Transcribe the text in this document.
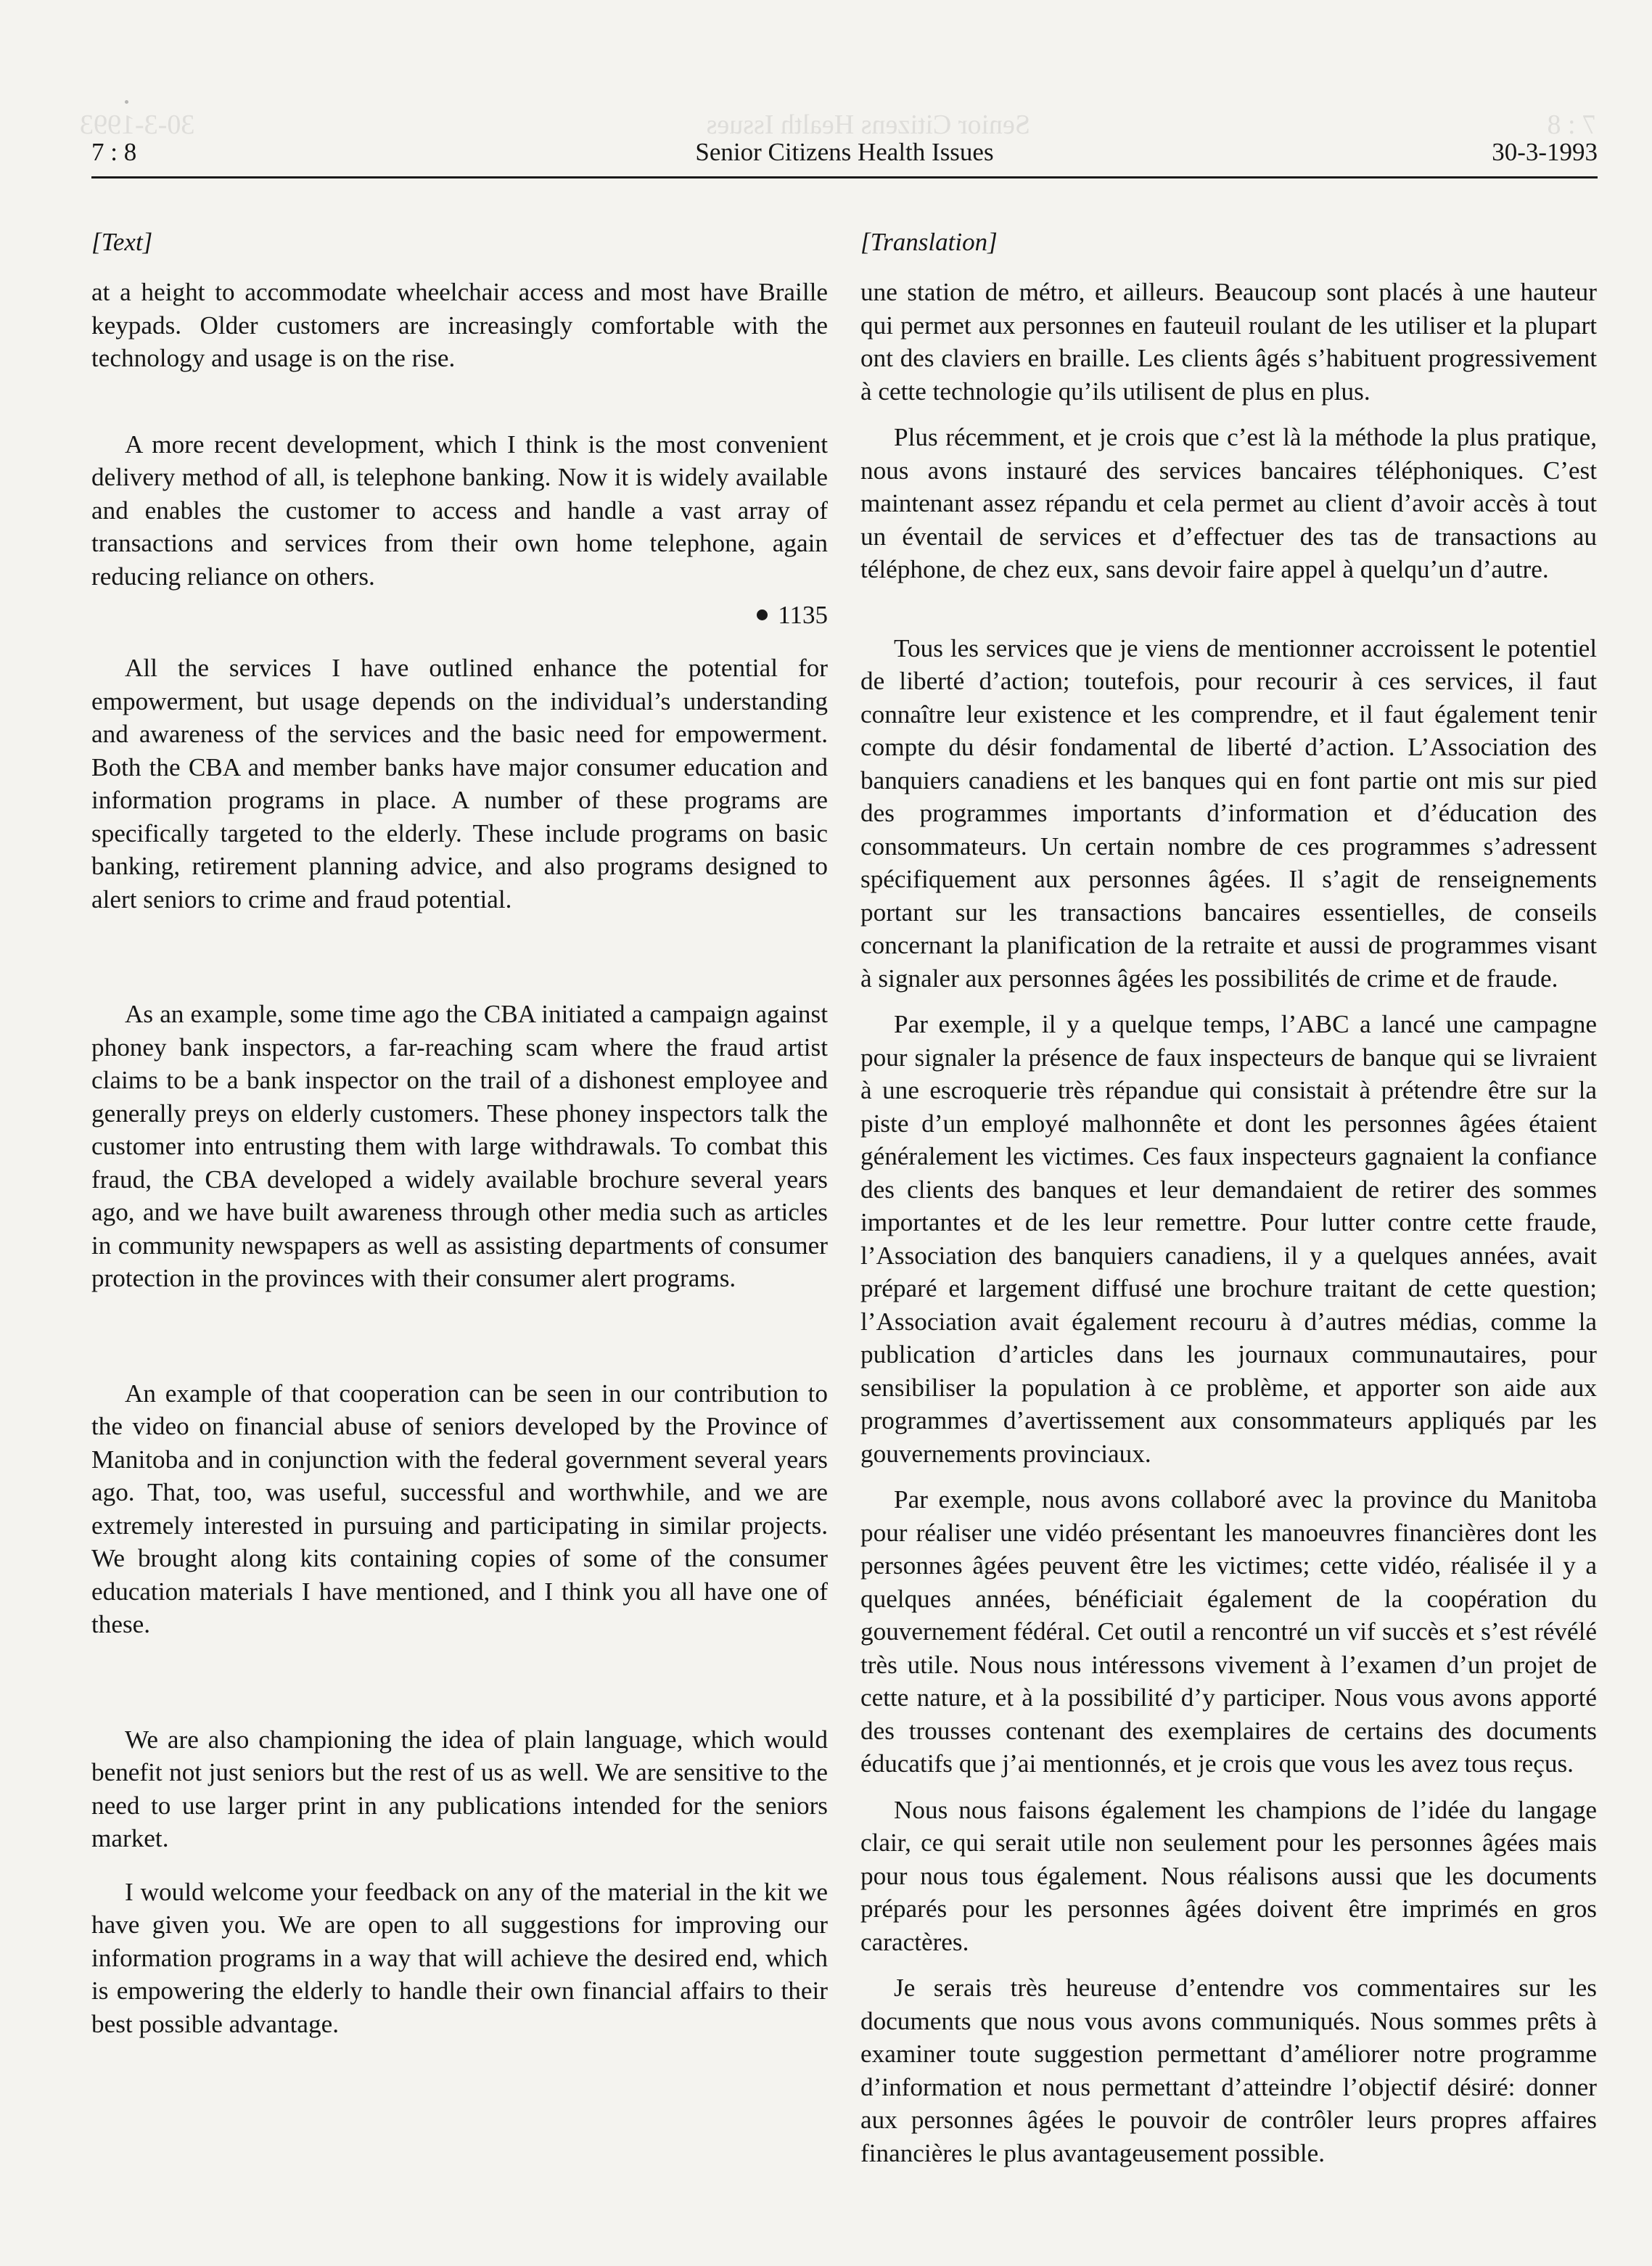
7 : 8
Senior Citizens Health Issues
30-3-1993
7 : 8	Senior Citizens Health Issues	30-3-1993

[Text]

at a height to accommodate wheelchair access and most have Braille keypads. Older customers are increasingly comfortable with the technology and usage is on the rise.

A more recent development, which I think is the most convenient delivery method of all, is telephone banking. Now it is widely available and enables the customer to access and handle a vast array of transactions and services from their own home telephone, again reducing reliance on others.

1135

All the services I have outlined enhance the potential for empowerment, but usage depends on the individual’s understanding and awareness of the services and the basic need for empowerment. Both the CBA and member banks have major consumer education and information programs in place. A number of these programs are specifically targeted to the elderly. These include programs on basic banking, retirement planning advice, and also programs designed to alert seniors to crime and fraud potential.

As an example, some time ago the CBA initiated a campaign against phoney bank inspectors, a far-reaching scam where the fraud artist claims to be a bank inspector on the trail of a dishonest employee and generally preys on elderly customers. These phoney inspectors talk the customer into entrusting them with large withdrawals. To combat this fraud, the CBA developed a widely available brochure several years ago, and we have built awareness through other media such as articles in community newspapers as well as assisting departments of consumer protection in the provinces with their consumer alert programs.

An example of that cooperation can be seen in our contribution to the video on financial abuse of seniors developed by the Province of Manitoba and in conjunction with the federal government several years ago. That, too, was useful, successful and worthwhile, and we are extremely interested in pursuing and participating in similar projects. We brought along kits containing copies of some of the consumer education materials I have mentioned, and I think you all have one of these.

We are also championing the idea of plain language, which would benefit not just seniors but the rest of us as well. We are sensitive to the need to use larger print in any publications intended for the seniors market.

I would welcome your feedback on any of the material in the kit we have given you. We are open to all suggestions for improving our information programs in a way that will achieve the desired end, which is empowering the elderly to handle their own financial affairs to their best possible advantage.

[Translation]

une station de métro, et ailleurs. Beaucoup sont placés à une hauteur qui permet aux personnes en fauteuil roulant de les utiliser et la plupart ont des claviers en braille. Les clients âgés s’habituent progressivement à cette technologie qu’ils utilisent de plus en plus.

Plus récemment, et je crois que c’est là la méthode la plus pratique, nous avons instauré des services bancaires téléphoniques. C’est maintenant assez répandu et cela permet au client d’avoir accès à tout un éventail de services et d’effectuer des tas de transactions au téléphone, de chez eux, sans devoir faire appel à quelqu’un d’autre.

Tous les services que je viens de mentionner accroissent le potentiel de liberté d’action; toutefois, pour recourir à ces services, il faut connaître leur existence et les comprendre, et il faut également tenir compte du désir fondamental de liberté d’action. L’Association des banquiers canadiens et les banques qui en font partie ont mis sur pied des programmes importants d’information et d’éducation des consommateurs. Un certain nombre de ces programmes s’adressent spécifiquement aux personnes âgées. Il s’agit de renseignements portant sur les transactions bancaires essentielles, de conseils concernant la planification de la retraite et aussi de programmes visant à signaler aux personnes âgées les possibilités de crime et de fraude.

Par exemple, il y a quelque temps, l’ABC a lancé une campagne pour signaler la présence de faux inspecteurs de banque qui se livraient à une escroquerie très répandue qui consistait à prétendre être sur la piste d’un employé malhonnête et dont les personnes âgées étaient généralement les victimes. Ces faux inspecteurs gagnaient la confiance des clients des banques et leur demandaient de retirer des sommes importantes et de les leur remettre. Pour lutter contre cette fraude, l’Association des banquiers canadiens, il y a quelques années, avait préparé et largement diffusé une brochure traitant de cette question; l’Association avait également recouru à d’autres médias, comme la publication d’articles dans les journaux communautaires, pour sensibiliser la population à ce problème, et apporter son aide aux programmes d’avertissement aux consommateurs appliqués par les gouvernements provinciaux.

Par exemple, nous avons collaboré avec la province du Manitoba pour réaliser une vidéo présentant les manoeuvres financières dont les personnes âgées peuvent être les victimes; cette vidéo, réalisée il y a quelques années, bénéficiait également de la coopération du gouvernement fédéral. Cet outil a rencontré un vif succès et s’est révélé très utile. Nous nous intéressons vivement à l’examen d’un projet de cette nature, et à la possibilité d’y participer. Nous vous avons apporté des trousses contenant des exemplaires de certains des documents éducatifs que j’ai mentionnés, et je crois que vous les avez tous reçus.

Nous nous faisons également les champions de l’idée du langage clair, ce qui serait utile non seulement pour les personnes âgées mais pour nous tous également. Nous réalisons aussi que les documents préparés pour les personnes âgées doivent être imprimés en gros caractères.

Je serais très heureuse d’entendre vos commentaires sur les documents que nous vous avons communiqués. Nous sommes prêts à examiner toute suggestion permettant d’améliorer notre programme d’information et nous permettant d’atteindre l’objectif désiré: donner aux personnes âgées le pouvoir de contrôler leurs propres affaires financières le plus avantageusement possible.
